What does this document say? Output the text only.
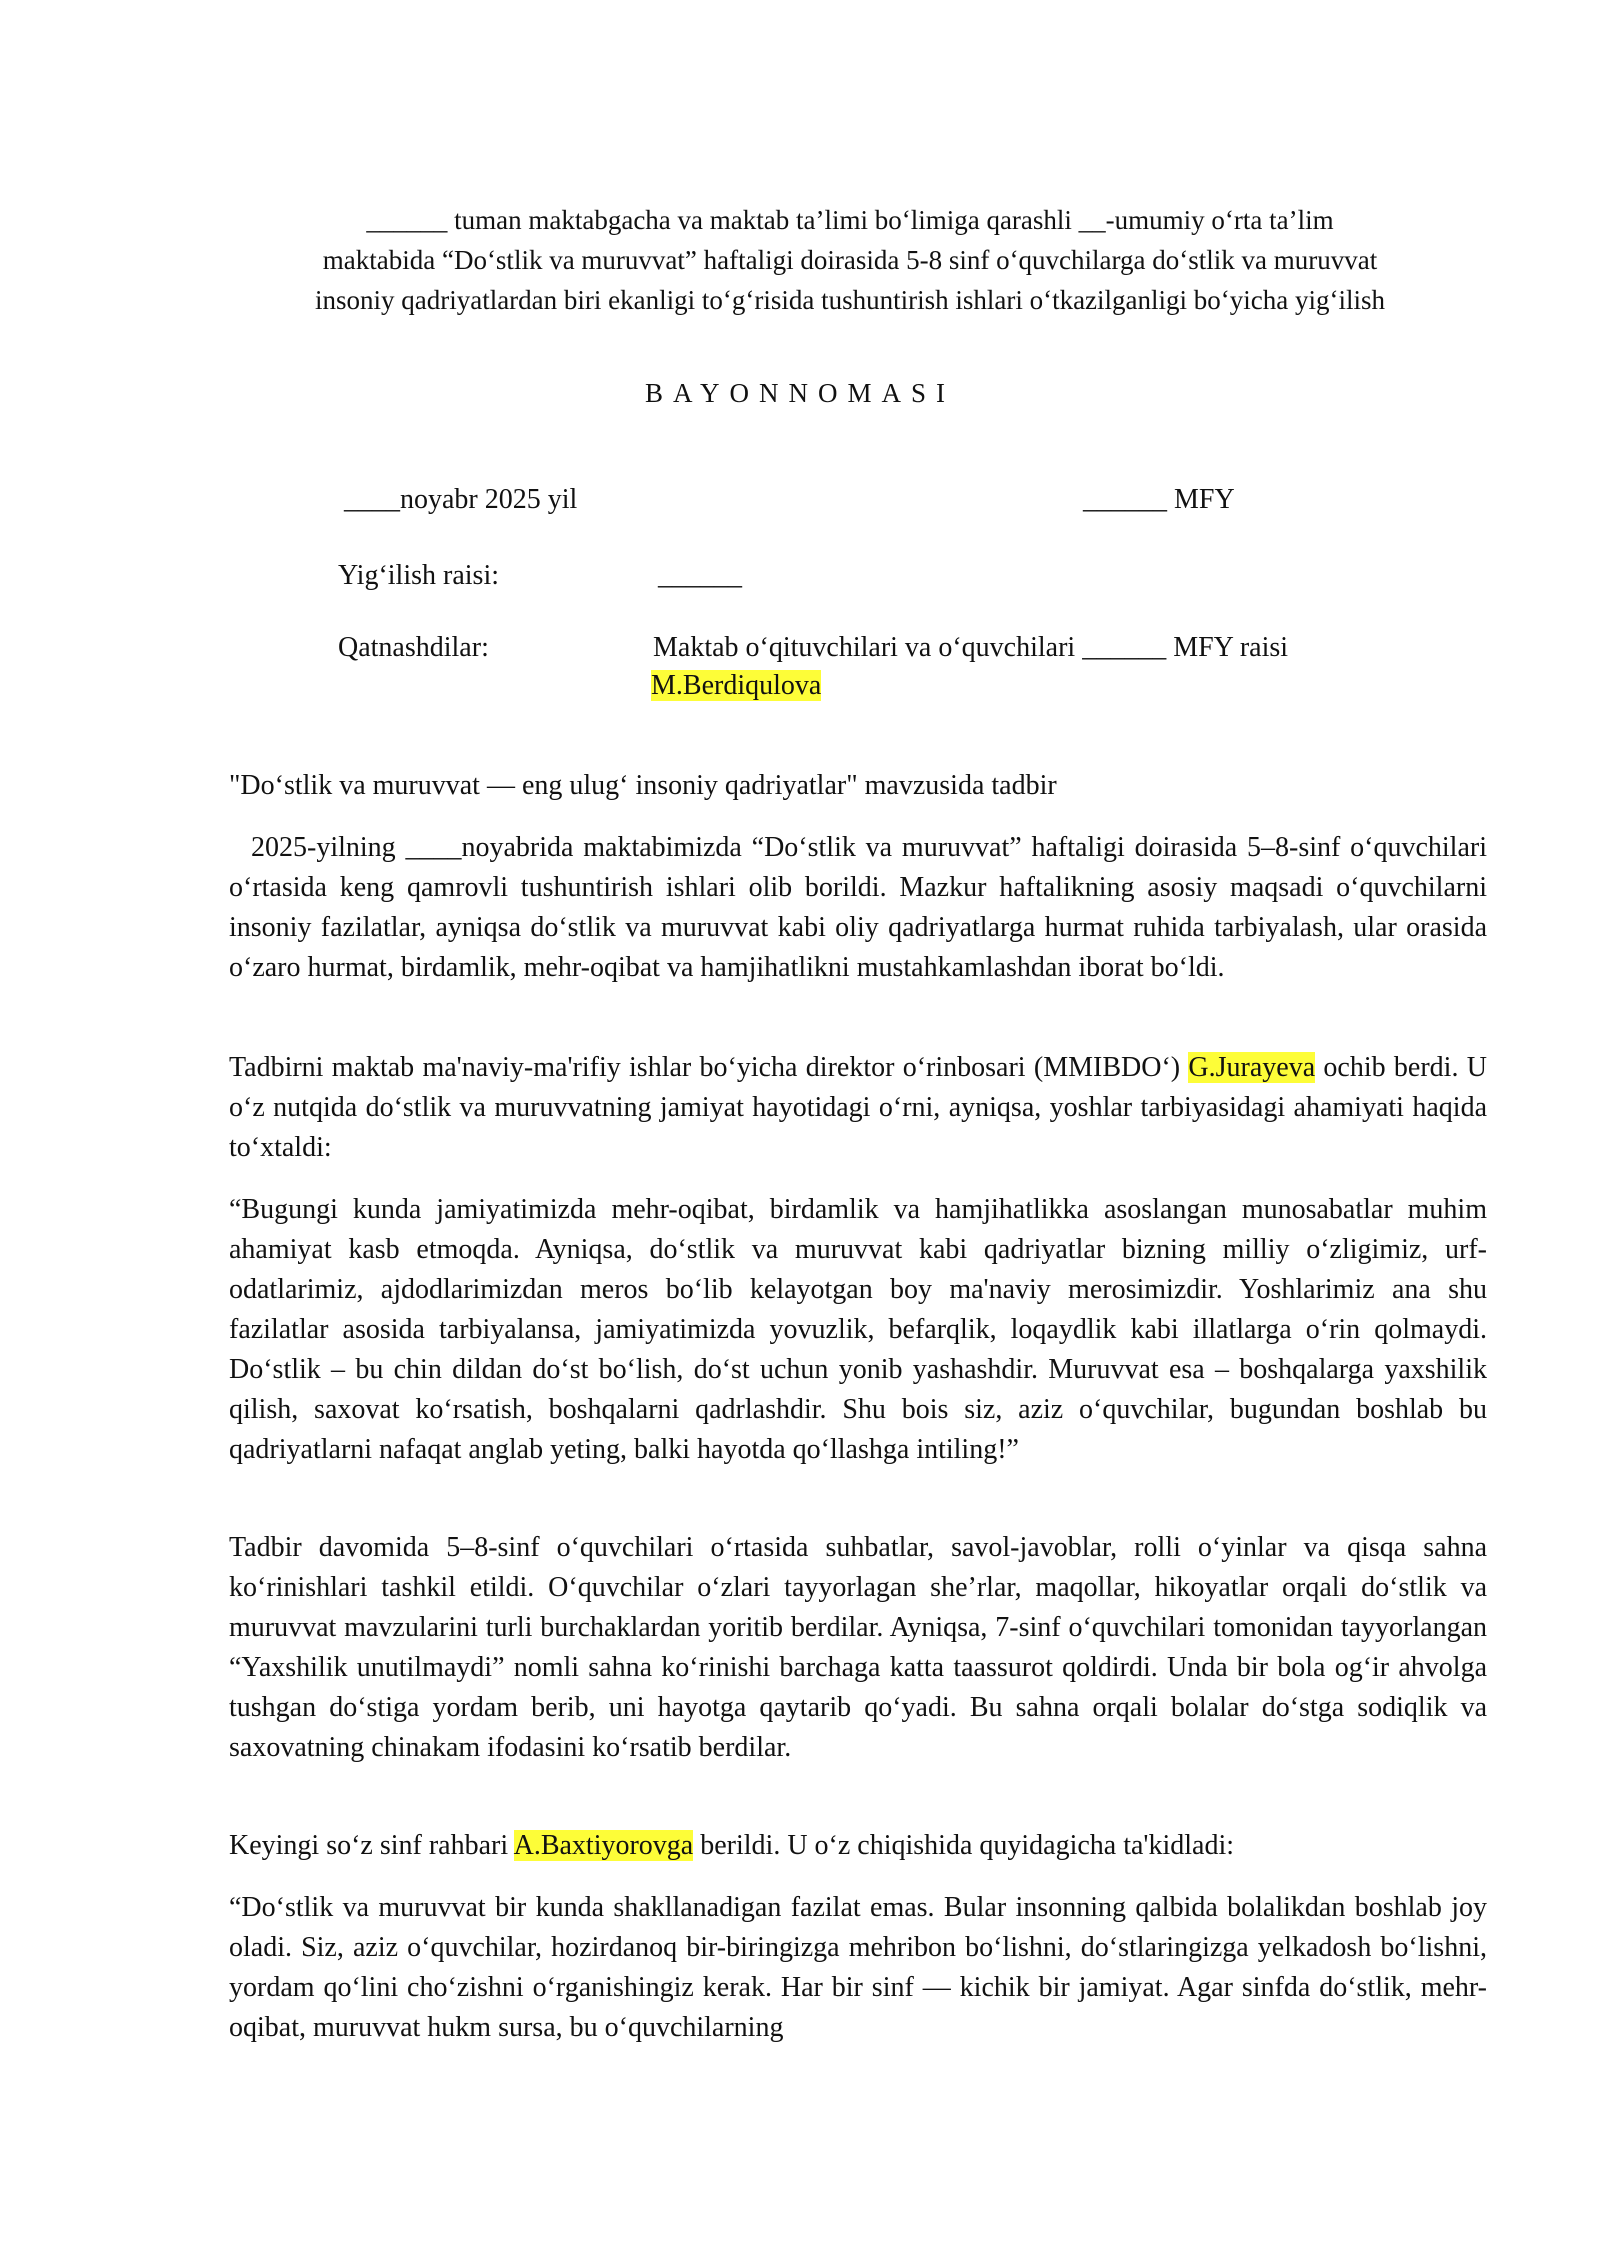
______ tuman maktabgacha va maktab ta’limi bo‘limiga qarashli __-umumiy o‘rta ta’lim
maktabida “Do‘stlik va muruvvat” haftaligi doirasida 5-8 sinf o‘quvchilarga do‘stlik va muruvvat
insoniy qadriyatlardan biri ekanligi to‘g‘risida tushuntirish ishlari o‘tkazilganligi bo‘yicha yig‘ilish
BAYONNOMASI
____noyabr 2025 yil	______ MFY
Yig‘ilish raisi:	______
Qatnashdilar:	Maktab o‘qituvchilari va o‘quvchilari ______ MFY raisi
M.Berdiqulova
"Do‘stlik va muruvvat — eng ulug‘ insoniy qadriyatlar" mavzusida tadbir

2025-yilning ____noyabrida maktabimizda “Do‘stlik va muruvvat” haftaligi doirasida 5–8-sinf o‘quvchilari o‘rtasida keng qamrovli tushuntirish ishlari olib borildi. Mazkur haftalikning asosiy maqsadi o‘quvchilarni insoniy fazilatlar, ayniqsa do‘stlik va muruvvat kabi oliy qadriyatlarga hurmat ruhida tarbiyalash, ular orasida o‘zaro hurmat, birdamlik, mehr-oqibat va hamjihatlikni mustahkamlashdan iborat bo‘ldi.

Tadbirni maktab ma'naviy-ma'rifiy ishlar bo‘yicha direktor o‘rinbosari (MMIBDO‘) G.Jurayeva ochib berdi. U o‘z nutqida do‘stlik va muruvvatning jamiyat hayotidagi o‘rni, ayniqsa, yoshlar tarbiyasidagi ahamiyati haqida to‘xtaldi:

“Bugungi kunda jamiyatimizda mehr-oqibat, birdamlik va hamjihatlikka asoslangan munosabatlar muhim ahamiyat kasb etmoqda. Ayniqsa, do‘stlik va muruvvat kabi qadriyatlar bizning milliy o‘zligimiz, urf-odatlarimiz, ajdodlarimizdan meros bo‘lib kelayotgan boy ma'naviy merosimizdir. Yoshlarimiz ana shu fazilatlar asosida tarbiyalansa, jamiyatimizda yovuzlik, befarqlik, loqaydlik kabi illatlarga o‘rin qolmaydi. Do‘stlik – bu chin dildan do‘st bo‘lish, do‘st uchun yonib yashashdir. Muruvvat esa – boshqalarga yaxshilik qilish, saxovat ko‘rsatish, boshqalarni qadrlashdir. Shu bois siz, aziz o‘quvchilar, bugundan boshlab bu qadriyatlarni nafaqat anglab yeting, balki hayotda qo‘llashga intiling!”

Tadbir davomida 5–8-sinf o‘quvchilari o‘rtasida suhbatlar, savol-javoblar, rolli o‘yinlar va qisqa sahna ko‘rinishlari tashkil etildi. O‘quvchilar o‘zlari tayyorlagan she’rlar, maqollar, hikoyatlar orqali do‘stlik va muruvvat mavzularini turli burchaklardan yoritib berdilar. Ayniqsa, 7-sinf o‘quvchilari tomonidan tayyorlangan “Yaxshilik unutilmaydi” nomli sahna ko‘rinishi barchaga katta taassurot qoldirdi. Unda bir bola og‘ir ahvolga tushgan do‘stiga yordam berib, uni hayotga qaytarib qo‘yadi. Bu sahna orqali bolalar do‘stga sodiqlik va saxovatning chinakam ifodasini ko‘rsatib berdilar.

Keyingi so‘z sinf rahbari A.Baxtiyorovga berildi. U o‘z chiqishida quyidagicha ta'kidladi:

“Do‘stlik va muruvvat bir kunda shakllanadigan fazilat emas. Bular insonning qalbida bolalikdan boshlab joy oladi. Siz, aziz o‘quvchilar, hozirdanoq bir-biringizga mehribon bo‘lishni, do‘stlaringizga yelkadosh bo‘lishni, yordam qo‘lini cho‘zishni o‘rganishingiz kerak. Har bir sinf — kichik bir jamiyat. Agar sinfda do‘stlik, mehr-oqibat, muruvvat hukm sursa, bu o‘quvchilarning
